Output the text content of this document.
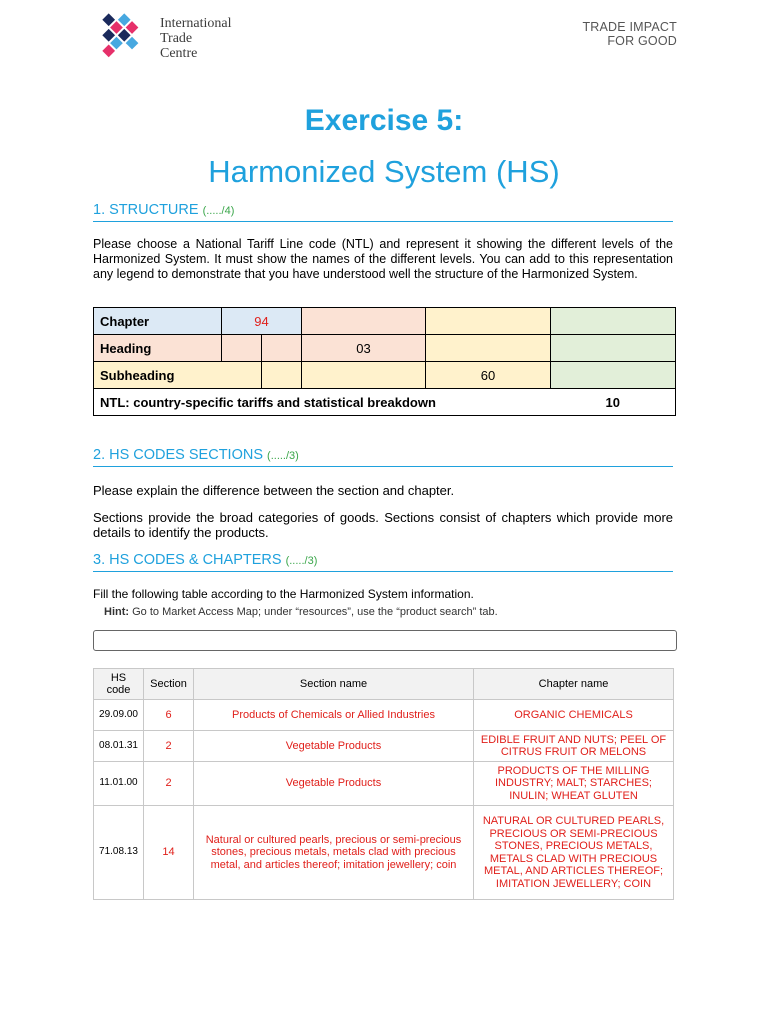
International
Trade
Centre
TRADE IMPACT
FOR GOOD
Exercise 5:
Harmonized System (HS)
1. STRUCTURE (...../4)
Please choose a National Tariff Line code (NTL) and represent it showing the different levels of the Harmonized System. It must show the names of the different levels. You can add to this representation any legend to demonstrate that you have understood well the structure of the Harmonized System.
Chapter	94				
Heading			03		
Subheading				60	
NTL: country-specific tariffs and statistical breakdown					10
2. HS CODES SECTIONS (...../3)
Please explain the difference between the section and chapter.
Sections provide the broad categories of goods. Sections consist of chapters which provide more details to identify the products.
3. HS CODES & CHAPTERS (...../3)
Fill the following table according to the Harmonized System information.
Hint: Go to Market Access Map; under “resources”, use the “product search” tab.
HS code	Section	Section name	Chapter name
29.09.00	6	Products of Chemicals or Allied Industries	ORGANIC CHEMICALS
08.01.31	2	Vegetable Products	EDIBLE FRUIT AND NUTS; PEEL OF CITRUS FRUIT OR MELONS
11.01.00	2	Vegetable Products	PRODUCTS OF THE MILLING INDUSTRY; MALT; STARCHES; INULIN; WHEAT GLUTEN
71.08.13	14	Natural or cultured pearls, precious or semi-precious stones, precious metals, metals clad with precious metal, and articles thereof; imitation jewellery; coin	NATURAL OR CULTURED PEARLS, PRECIOUS OR SEMI-PRECIOUS STONES, PRECIOUS METALS, METALS CLAD WITH PRECIOUS METAL, AND ARTICLES THEREOF; IMITATION JEWELLERY; COIN
